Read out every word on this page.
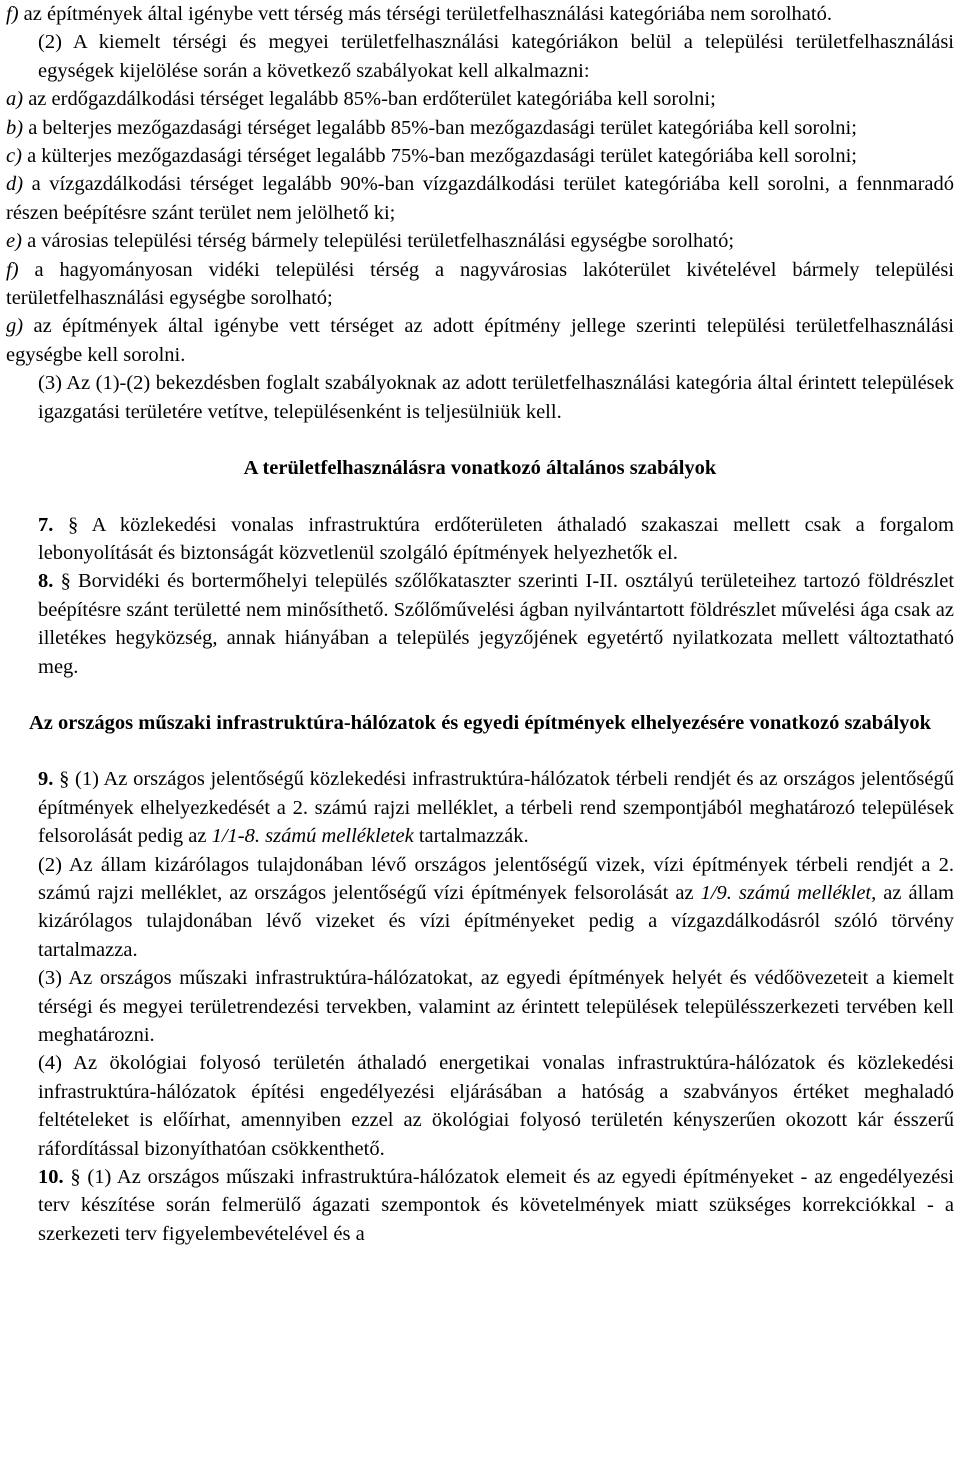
f) az építmények által igénybe vett térség más térségi területfelhasználási kategóriába nem sorolható.

(2) A kiemelt térségi és megyei területfelhasználási kategóriákon belül a települési területfelhasználási egységek kijelölése során a következő szabályokat kell alkalmazni:

a) az erdőgazdálkodási térséget legalább 85%-ban erdőterület kategóriába kell sorolni;

b) a belterjes mezőgazdasági térséget legalább 85%-ban mezőgazdasági terület kategóriába kell sorolni;

c) a külterjes mezőgazdasági térséget legalább 75%-ban mezőgazdasági terület kategóriába kell sorolni;

d) a vízgazdálkodási térséget legalább 90%-ban vízgazdálkodási terület kategóriába kell sorolni, a fennmaradó részen beépítésre szánt terület nem jelölhető ki;

e) a városias települési térség bármely települési területfelhasználási egységbe sorolható;

f) a hagyományosan vidéki települési térség a nagyvárosias lakóterület kivételével bármely települési területfelhasználási egységbe sorolható;

g) az építmények által igénybe vett térséget az adott építmény jellege szerinti települési területfelhasználási egységbe kell sorolni.

(3) Az (1)-(2) bekezdésben foglalt szabályoknak az adott területfelhasználási kategória által érintett települések igazgatási területére vetítve, településenként is teljesülniük kell.

A területfelhasználásra vonatkozó általános szabályok

7. § A közlekedési vonalas infrastruktúra erdőterületen áthaladó szakaszai mellett csak a forgalom lebonyolítását és biztonságát közvetlenül szolgáló építmények helyezhetők el.

8. § Borvidéki és bortermőhelyi település szőlőkataszter szerinti I-II. osztályú területeihez tartozó földrészlet beépítésre szánt területté nem minősíthető. Szőlőművelési ágban nyilvántartott földrészlet művelési ága csak az illetékes hegyközség, annak hiányában a település jegyzőjének egyetértő nyilatkozata mellett változtatható meg.

Az országos műszaki infrastruktúra-hálózatok és egyedi építmények elhelyezésére vonatkozó szabályok

9. § (1) Az országos jelentőségű közlekedési infrastruktúra-hálózatok térbeli rendjét és az országos jelentőségű építmények elhelyezkedését a 2. számú rajzi melléklet, a térbeli rend szempontjából meghatározó települések felsorolását pedig az 1/1-8. számú mellékletek tartalmazzák.

(2) Az állam kizárólagos tulajdonában lévő országos jelentőségű vizek, vízi építmények térbeli rendjét a 2. számú rajzi melléklet, az országos jelentőségű vízi építmények felsorolását az 1/9. számú melléklet, az állam kizárólagos tulajdonában lévő vizeket és vízi építményeket pedig a vízgazdálkodásról szóló törvény tartalmazza.

(3) Az országos műszaki infrastruktúra-hálózatokat, az egyedi építmények helyét és védőövezeteit a kiemelt térségi és megyei területrendezési tervekben, valamint az érintett települések településszerkezeti tervében kell meghatározni.

(4) Az ökológiai folyosó területén áthaladó energetikai vonalas infrastruktúra-hálózatok és közlekedési infrastruktúra-hálózatok építési engedélyezési eljárásában a hatóság a szabványos értéket meghaladó feltételeket is előírhat, amennyiben ezzel az ökológiai folyosó területén kényszerűen okozott kár ésszerű ráfordítással bizonyíthatóan csökkenthető.

10. § (1) Az országos műszaki infrastruktúra-hálózatok elemeit és az egyedi építményeket - az engedélyezési terv készítése során felmerülő ágazati szempontok és követelmények miatt szükséges korrekciókkal - a szerkezeti terv figyelembevételével és a
